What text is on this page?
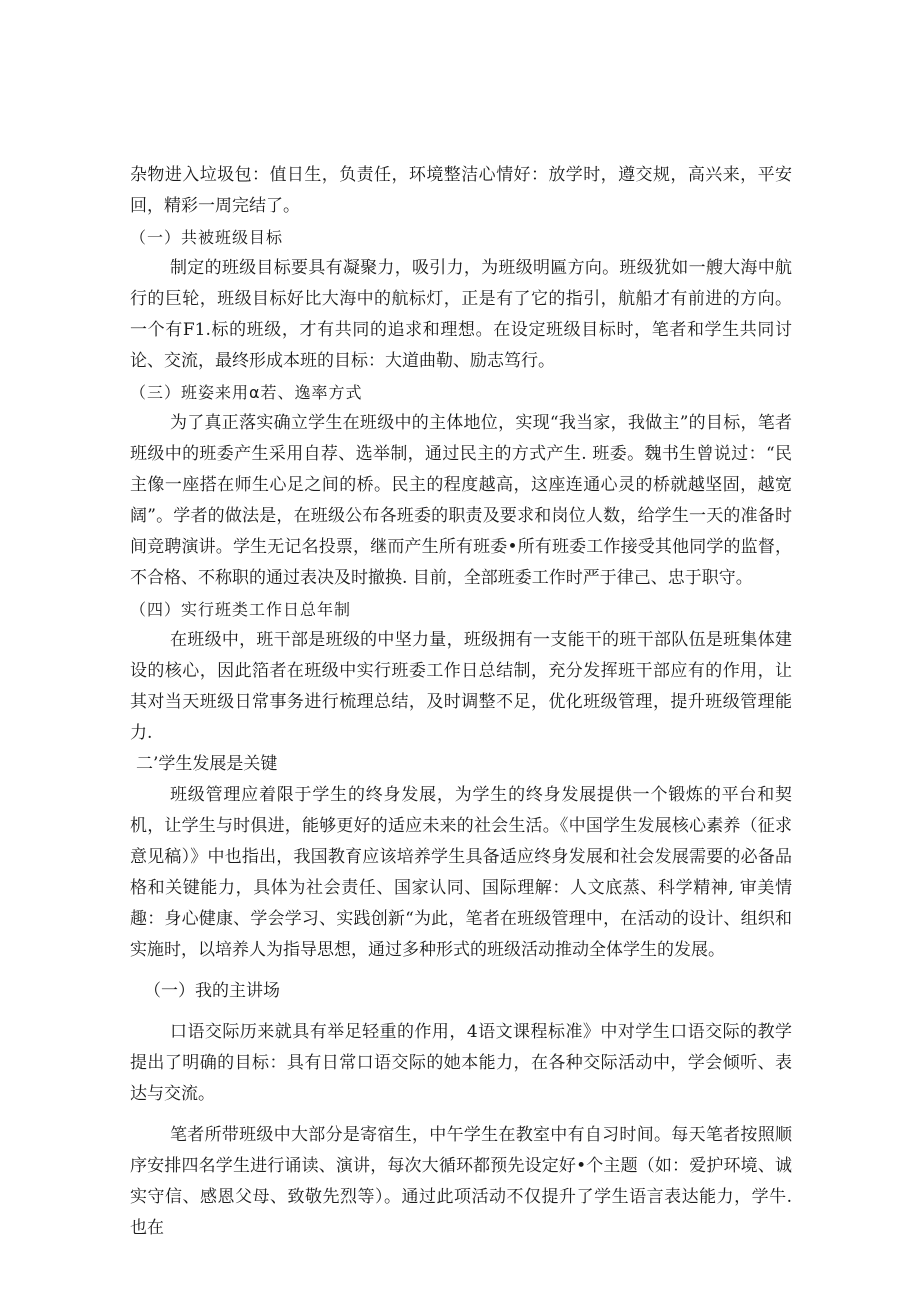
杂物进入垃圾包：值日生，负责任，环境整洁心情好：放学时，遵交规，高兴来，平安回，精彩一周完结了。

（一）共被班级目标

制定的班级目标要具有凝聚力，吸引力，为班级明匾方向。班级犹如一艘大海中航行的巨轮，班级目标好比大海中的航标灯，正是有了它的指引，航船才有前进的方向。一个有F1.标的班级，才有共同的追求和理想。在设定班级目标时，笔者和学生共同讨论、交流，最终形成本班的目标：大道曲勒、励志笃行。

（三）班姿来用α若、逸率方式

为了真正落实确立学生在班级中的主体地位，实现“我当家，我做主”的目标，笔者班级中的班委产生采用自荐、选举制，通过民主的方式产生. 班委。魏书生曾说过：“民主像一座搭在师生心足之间的桥。民主的程度越高，这座连通心灵的桥就越坚固，越宽阔”。学者的做法是，在班级公布各班委的职责及要求和岗位人数，给学生一天的准备时间竞聘演讲。学生无记名投票，继而产生所有班委•所有班委工作接受其他同学的监督，不合格、不称职的通过表决及时撤换. 目前，全部班委工作时严于律己、忠于职守。

（四）实行班类工作日总年制

在班级中，班干部是班级的中坚力量，班级拥有一支能干的班干部队伍是班集体建设的核心，因此箔者在班级中实行班委工作日总结制，充分发挥班干部应有的作用，让其对当天班级日常事务进行梳理总结，及时调整不足，优化班级管理，提升班级管理能力.

二’学生发展是关键

班级管理应着限于学生的终身发展，为学生的终身发展提供一个锻炼的平台和契机，让学生与时俱进，能够更好的适应未来的社会生活。《中国学生发展核心素养（征求意见稿）》中也指出，我国教育应该培养学生具备适应终身发展和社会发展需要的必备品格和关键能力，具体为社会责任、国家认同、国际理解：人文底蒸、科学精神, 审美情趣：身心健康、学会学习、实践创新“为此，笔者在班级管理中，在活动的设计、组织和实施时，以培养人为指导思想，通过多种形式的班级活动推动全体学生的发展。

（一）我的主讲场

口语交际历来就具有举足轻重的作用，4语文课程标准》中对学生口语交际的教学提出了明确的目标：具有日常口语交际的她本能力，在各种交际活动中，学会倾听、表达与交流。

笔者所带班级中大部分是寄宿生，中午学生在教室中有自习时间。每天笔者按照顺序安排四名学生进行诵读、演讲，每次大循环都预先设定好•个主题（如：爱护环境、诚实守信、感恩父母、致敬先烈等）。通过此项活动不仅提升了学生语言表达能力，学牛. 也在
